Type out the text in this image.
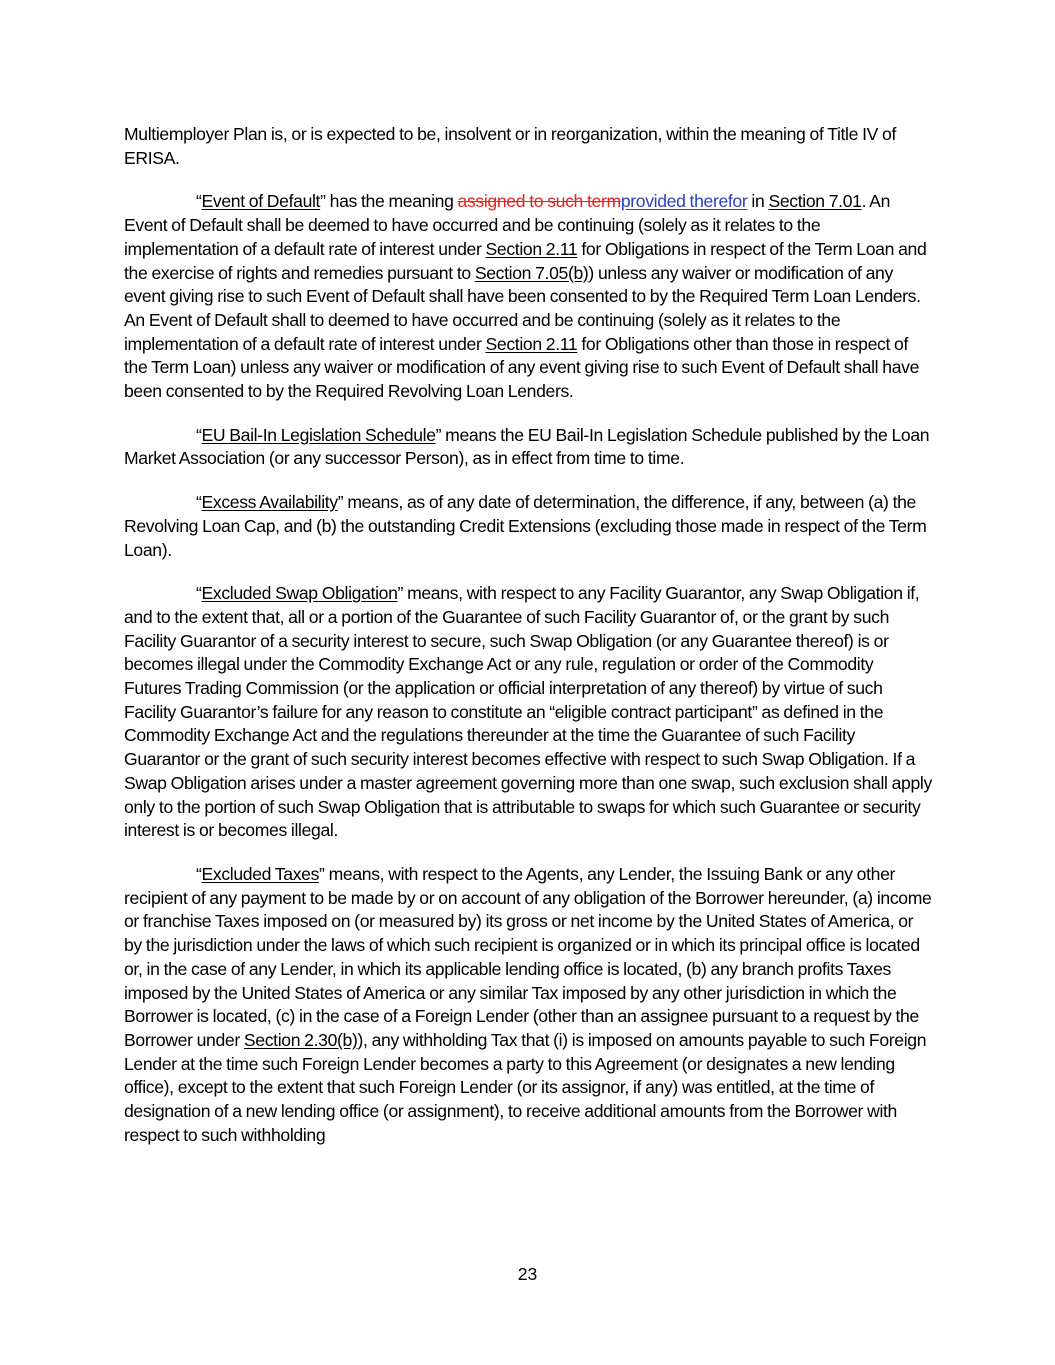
Multiemployer Plan is, or is expected to be, insolvent or in reorganization, within the meaning of Title IV of ERISA.

“Event of Default” has the meaning assigned to such termprovided therefor in Section 7.01. An Event of Default shall be deemed to have occurred and be continuing (solely as it relates to the implementation of a default rate of interest under Section 2.11 for Obligations in respect of the Term Loan and the exercise of rights and remedies pursuant to Section 7.05(b)) unless any waiver or modification of any event giving rise to such Event of Default shall have been consented to by the Required Term Loan Lenders. An Event of Default shall to deemed to have occurred and be continuing (solely as it relates to the implementation of a default rate of interest under Section 2.11 for Obligations other than those in respect of the Term Loan) unless any waiver or modification of any event giving rise to such Event of Default shall have been consented to by the Required Revolving Loan Lenders.

“EU Bail-In Legislation Schedule” means the EU Bail-In Legislation Schedule published by the Loan Market Association (or any successor Person), as in effect from time to time.

“Excess Availability” means, as of any date of determination, the difference, if any, between (a) the Revolving Loan Cap, and (b) the outstanding Credit Extensions (excluding those made in respect of the Term Loan).

“Excluded Swap Obligation” means, with respect to any Facility Guarantor, any Swap Obligation if, and to the extent that, all or a portion of the Guarantee of such Facility Guarantor of, or the grant by such Facility Guarantor of a security interest to secure, such Swap Obligation (or any Guarantee thereof) is or becomes illegal under the Commodity Exchange Act or any rule, regulation or order of the Commodity Futures Trading Commission (or the application or official interpretation of any thereof) by virtue of such Facility Guarantor’s failure for any reason to constitute an “eligible contract participant” as defined in the Commodity Exchange Act and the regulations thereunder at the time the Guarantee of such Facility Guarantor or the grant of such security interest becomes effective with respect to such Swap Obligation. If a Swap Obligation arises under a master agreement governing more than one swap, such exclusion shall apply only to the portion of such Swap Obligation that is attributable to swaps for which such Guarantee or security interest is or becomes illegal.

“Excluded Taxes” means, with respect to the Agents, any Lender, the Issuing Bank or any other recipient of any payment to be made by or on account of any obligation of the Borrower hereunder, (a) income or franchise Taxes imposed on (or measured by) its gross or net income by the United States of America, or by the jurisdiction under the laws of which such recipient is organized or in which its principal office is located or, in the case of any Lender, in which its applicable lending office is located, (b) any branch profits Taxes imposed by the United States of America or any similar Tax imposed by any other jurisdiction in which the Borrower is located, (c) in the case of a Foreign Lender (other than an assignee pursuant to a request by the Borrower under Section 2.30(b)), any withholding Tax that (i) is imposed on amounts payable to such Foreign Lender at the time such Foreign Lender becomes a party to this Agreement (or designates a new lending office), except to the extent that such Foreign Lender (or its assignor, if any) was entitled, at the time of designation of a new lending office (or assignment), to receive additional amounts from the Borrower with respect to such withholding

23
